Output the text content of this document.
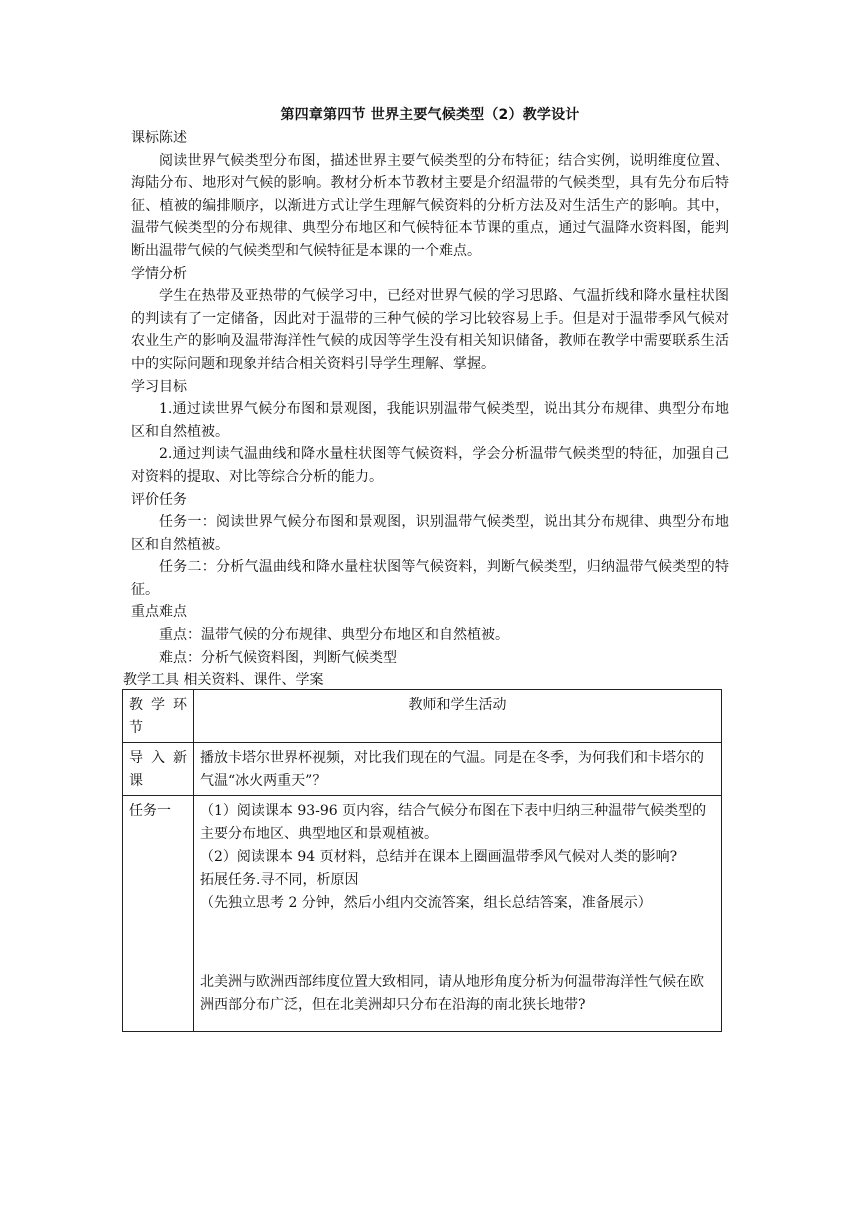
第四章第四节 世界主要气候类型（2）教学设计

课标陈述

阅读世界气候类型分布图，描述世界主要气候类型的分布特征；结合实例，说明维度位置、海陆分布、地形对气候的影响。教材分析本节教材主要是介绍温带的气候类型，具有先分布后特征、植被的编排顺序，以渐进方式让学生理解气候资料的分析方法及对生活生产的影响。其中，温带气候类型的分布规律、典型分布地区和气候特征本节课的重点，通过气温降水资料图，能判断出温带气候的气候类型和气候特征是本课的一个难点。

学情分析

学生在热带及亚热带的气候学习中，已经对世界气候的学习思路、气温折线和降水量柱状图的判读有了一定储备，因此对于温带的三种气候的学习比较容易上手。但是对于温带季风气候对农业生产的影响及温带海洋性气候的成因等学生没有相关知识储备，教师在教学中需要联系生活中的实际问题和现象并结合相关资料引导学生理解、掌握。

学习目标

1.通过读世界气候分布图和景观图，我能识别温带气候类型，说出其分布规律、典型分布地区和自然植被。

2.通过判读气温曲线和降水量柱状图等气候资料，学会分析温带气候类型的特征，加强自己对资料的提取、对比等综合分析的能力。

评价任务

任务一：阅读世界气候分布图和景观图，识别温带气候类型，说出其分布规律、典型分布地区和自然植被。

任务二：分析气温曲线和降水量柱状图等气候资料，判断气候类型，归纳温带气候类型的特征。

重点难点

重点：温带气候的分布规律、典型分布地区和自然植被。

难点：分析气候资料图，判断气候类型

教学工具 相关资料、课件、学案

教 学 环 节	教师和学生活动
导 入 新 课	播放卡塔尔世界杯视频，对比我们现在的气温。同是在冬季，为何我们和卡塔尔的气温“冰火两重天”？

任务一	（1）阅读课本 93-96 页内容，结合气候分布图在下表中归纳三种温带气候类型的主要分布地区、典型地区和景观植被。

（2）阅读课本 94 页材料，总结并在课本上圈画温带季风气候对人类的影响?

拓展任务.寻不同，析原因

（先独立思考 2 分钟，然后小组内交流答案，组长总结答案，准备展示）

北美洲与欧洲西部纬度位置大致相同，请从地形角度分析为何温带海洋性气候在欧洲西部分布广泛，但在北美洲却只分布在沿海的南北狭长地带?
